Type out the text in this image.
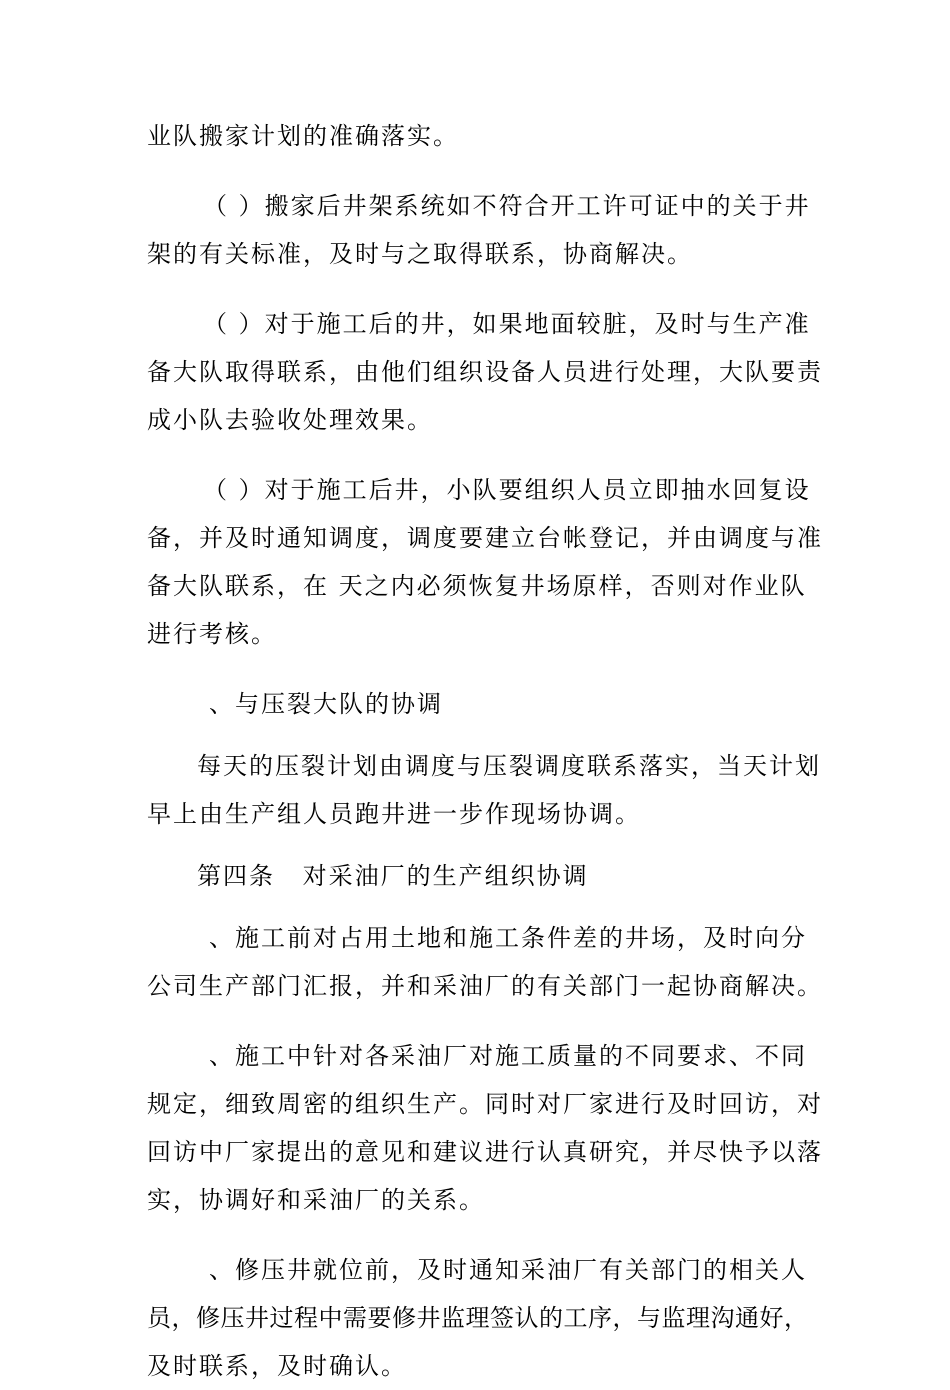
业队搬家计划的准确落实。
（ ）搬家后井架系统如不符合开工许可证中的关于井
架的有关标准，及时与之取得联系，协商解决。
（ ）对于施工后的井，如果地面较脏，及时与生产准
备大队取得联系，由他们组织设备人员进行处理，大队要责
成小队去验收处理效果。
（ ）对于施工后井，小队要组织人员立即抽水回复设
备，并及时通知调度，调度要建立台帐登记，并由调度与准
备大队联系，在 天之内必须恢复井场原样，否则对作业队
进行考核。
、与压裂大队的协调
每天的压裂计划由调度与压裂调度联系落实，当天计划
早上由生产组人员跑井进一步作现场协调。
第四条 对采油厂的生产组织协调
、施工前对占用土地和施工条件差的井场，及时向分
公司生产部门汇报，并和采油厂的有关部门一起协商解决。
、施工中针对各采油厂对施工质量的不同要求、不同
规定，细致周密的组织生产。同时对厂家进行及时回访，对
回访中厂家提出的意见和建议进行认真研究，并尽快予以落
实，协调好和采油厂的关系。
、修压井就位前，及时通知采油厂有关部门的相关人
员，修压井过程中需要修井监理签认的工序，与监理沟通好，
及时联系，及时确认。
